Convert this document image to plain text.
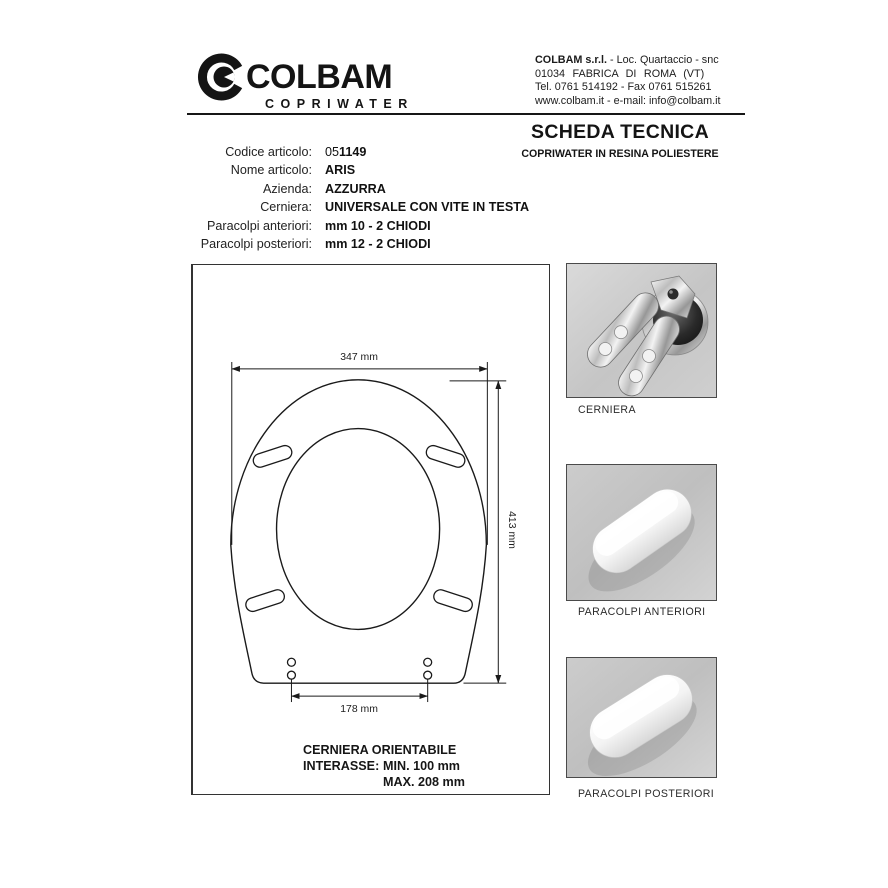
COLBAM
COPRIWATER
COLBAM s.r.l. - Loc. Quartaccio - snc
01034 FABRICA DI ROMA (VT)
Tel. 0761 514192 - Fax 0761 515261
www.colbam.it - e-mail: info@colbam.it
SCHEDA TECNICA
COPRIWATER IN RESINA POLIESTERE
Codice articolo: 051149
Nome articolo: ARIS
Azienda: AZZURRA
Cerniera: UNIVERSALE CON VITE IN TESTA
Paracolpi anteriori: mm 10 - 2 CHIODI
Paracolpi posteriori: mm 12 - 2 CHIODI
347 mm
413 mm
178 mm
CERNIERA ORIENTABILE
INTERASSE: MIN. 100 mm
MAX. 208 mm
CERNIERA
PARACOLPI ANTERIORI
PARACOLPI POSTERIORI
